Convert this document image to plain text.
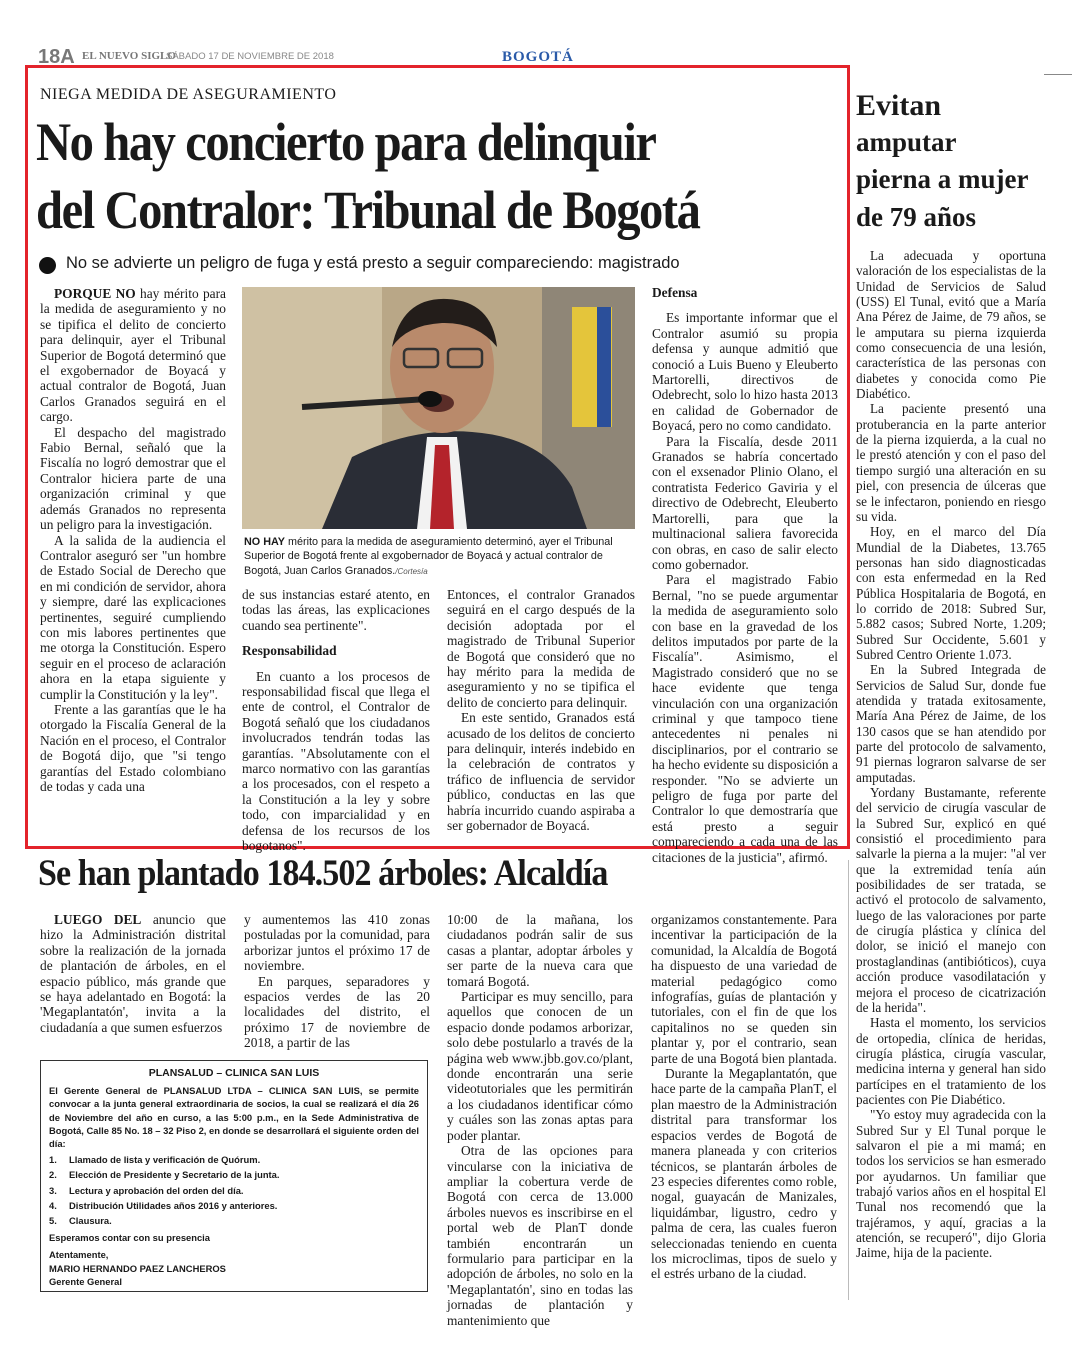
18A EL NUEVO SIGLO
SÁBADO 17 DE NOVIEMBRE DE 2018	BOGOTÁ
NIEGA MEDIDA DE ASEGURAMIENTO
No hay concierto para delinquir
del Contralor: Tribunal de Bogotá
No se advierte un peligro de fuga y está presto a seguir compareciendo: magistrado

PORQUE NO hay mérito para la medida de aseguramiento y no se tipifica el delito de concierto para delinquir, ayer el Tribunal Superior de Bogotá determinó que el exgobernador de Boyacá y actual contralor de Bogotá, Juan Carlos Granados seguirá en el cargo.

El despacho del magistrado Fabio Bernal, señaló que la Fiscalía no logró demostrar que el Contralor hiciera parte de una organización criminal y que además Granados no representa un peligro para la investigación.

A la salida de la audiencia el Contralor aseguró ser "un hombre de Estado Social de Derecho que en mi condición de servidor, ahora y siempre, daré las explicaciones pertinentes, seguiré cumpliendo con mis labores pertinentes que me otorga la Constitución. Espero seguir en el proceso de aclaración ahora en la etapa siguiente y cumplir la Constitución y la ley".

Frente a las garantías que le ha otorgado la Fiscalía General de la Nación en el proceso, el Contralor de Bogotá dijo, que "si tengo garantías del Estado colombiano de todas y cada una

NO HAY mérito para la medida de aseguramiento determinó, ayer el Tribunal Superior de Bogotá frente al exgobernador de Boyacá y actual contralor de Bogotá, Juan Carlos Granados./Cortesía

de sus instancias estaré atento, en todas las áreas, las explicaciones cuando sea pertinente".

Responsabilidad

En cuanto a los procesos de responsabilidad fiscal que llega el ente de control, el Contralor de Bogotá señaló que los ciudadanos involucrados tendrán todas las garantías. "Absolutamente con el marco normativo con las garantías a los procesados, con el respeto a la Constitución a la ley y sobre todo, con imparcialidad y en defensa de los recursos de los bogotanos".

Entonces, el contralor Granados seguirá en el cargo después de la decisión adoptada por el magistrado de Tribunal Superior de Bogotá que consideró que no hay mérito para la medida de aseguramiento y no se tipifica el delito de concierto para delinquir.

En este sentido, Granados está acusado de los delitos de concierto para delinquir, interés indebido en la celebración de contratos y tráfico de influencia de servidor público, conductas en las que habría incurrido cuando aspiraba a ser gobernador de Boyacá.

Defensa

Es importante informar que el Contralor asumió su propia defensa y aunque admitió que conoció a Luis Bueno y Eleuberto Martorelli, directivos de Odebrecht, solo lo hizo hasta 2013 en calidad de Gobernador de Boyacá, pero no como candidato.

Para la Fiscalía, desde 2011 Granados se habría concertado con el exsenador Plinio Olano, el contratista Federico Gaviria y el directivo de Odebrecht, Eleuberto Martorelli, para que la multinacional saliera favorecida con obras, en caso de salir electo como gobernador.

Para el magistrado Fabio Bernal, "no se puede argumentar la medida de aseguramiento solo con base en la gravedad de los delitos imputados por parte de la Fiscalía". Asimismo, el Magistrado consideró que no se hace evidente que tenga vinculación con una organización criminal y que tampoco tiene antecedentes ni penales ni disciplinarios, por el contrario se ha hecho evidente su disposición a responder. "No se advierte un peligro de fuga por parte del Contralor lo que demostraría que está presto a seguir compareciendo a cada una de las citaciones de la justicia", afirmó.

Evitan
amputar
pierna a mujer
de 79 años

La adecuada y oportuna valoración de los especialistas de la Unidad de Servicios de Salud (USS) El Tunal, evitó que a María Ana Pérez de Jaime, de 79 años, se le amputara su pierna izquierda como consecuencia de una lesión, característica de las personas con diabetes y conocida como Pie Diabético.

La paciente presentó una protuberancia en la parte anterior de la pierna izquierda, a la cual no le prestó atención y con el paso del tiempo surgió una alteración en su piel, con presencia de úlceras que se le infectaron, poniendo en riesgo su vida.

Hoy, en el marco del Día Mundial de la Diabetes, 13.765 personas han sido diagnosticadas con esta enfermedad en la Red Pública Hospitalaria de Bogotá, en lo corrido de 2018: Subred Sur, 5.882 casos; Subred Norte, 1.209; Subred Sur Occidente, 5.601 y Subred Centro Oriente 1.073.

En la Subred Integrada de Servicios de Salud Sur, donde fue atendida y tratada exitosamente, María Ana Pérez de Jaime, de los 130 casos que se han atendido por parte del protocolo de salvamento, 91 piernas lograron salvarse de ser amputadas.

Yordany Bustamante, referente del servicio de cirugía vascular de la Subred Sur, explicó en qué consistió el procedimiento para salvarle la pierna a la mujer: "al ver que la extremidad tenía aún posibilidades de ser tratada, se activó el protocolo de salvamento, luego de las valoraciones por parte de cirugía plástica y clínica del dolor, se inició el manejo con prostaglandinas (antibióticos), cuya acción produce vasodilatación y mejora el proceso de cicatrización de la herida".

Hasta el momento, los servicios de ortopedia, clínica de heridas, cirugía plástica, cirugía vascular, medicina interna y general han sido partícipes en el tratamiento de los pacientes con Pie Diabético.

"Yo estoy muy agradecida con la Subred Sur y El Tunal porque le salvaron el pie a mi mamá; en todos los servicios se han esmerado por ayudarnos. Un familiar que trabajó varios años en el hospital El Tunal nos recomendó que la trajéramos, y aquí, gracias a la atención, se recuperó", dijo Gloria Jaime, hija de la paciente.

Se han plantado 184.502 árboles: Alcaldía

LUEGO DEL anuncio que hizo la Administración distrital sobre la realización de la jornada de plantación de árboles, en el espacio público, más grande que se haya adelantado en Bogotá: la 'Megaplantatón', invita a la ciudadanía a que sumen esfuerzos

y aumentemos las 410 zonas postuladas por la comunidad, para arborizar juntos el próximo 17 de noviembre.

En parques, separadores y espacios verdes de las 20 localidades del distrito, el próximo 17 de noviembre de 2018, a partir de las

10:00 de la mañana, los ciudadanos podrán salir de sus casas a plantar, adoptar árboles y ser parte de la nueva cara que tomará Bogotá.

Participar es muy sencillo, para aquellos que conocen de un espacio donde podamos arborizar, solo debe postularlo a través de la página web www.jbb.gov.co/plant, donde encontrarán una serie videotutoriales que les permitirán a los ciudadanos identificar cómo y cuáles son las zonas aptas para poder plantar.

Otra de las opciones para vincularse con la iniciativa de ampliar la cobertura verde de Bogotá con cerca de 13.000 árboles nuevos es inscribirse en el portal web de PlanT donde también encontrarán un formulario para participar en la adopción de árboles, no solo en la 'Megaplantatón', sino en todas las jornadas de plantación y mantenimiento que

organizamos constantemente. Para incentivar la participación de la comunidad, la Alcaldía de Bogotá ha dispuesto de una variedad de material pedagógico como infografías, guías de plantación y tutoriales, con el fin de que los capitalinos no se queden sin plantar y, por el contrario, sean parte de una Bogotá bien plantada.

Durante la Megaplantatón, que hace parte de la campaña PlanT, el plan maestro de la Administración distrital para transformar los espacios verdes de Bogotá de manera planeada y con criterios técnicos, se plantarán árboles de 23 especies diferentes como roble, nogal, guayacán de Manizales, liquidámbar, ligustro, cedro y palma de cera, las cuales fueron seleccionadas teniendo en cuenta los microclimas, tipos de suelo y el estrés urbano de la ciudad.

PLANSALUD – CLINICA SAN LUIS

El Gerente General de PLANSALUD LTDA – CLINICA SAN LUIS, se permite convocar a la junta general extraordinaria de socios, la cual se realizará el día 26 de Noviembre del año en curso, a las 5:00 p.m., en la Sede Administrativa de Bogotá, Calle 85 No. 18 – 32 Piso 2, en donde se desarrollará el siguiente orden del día:

1.	Llamado de lista y verificación de Quórum.
2.	Elección de Presidente y Secretario de la junta.
3.	Lectura y aprobación del orden del día.
4.	Distribución Utilidades años 2016 y anteriores.
5.	Clausura.

Esperamos contar con su presencia

Atentamente,

MARIO HERNANDO PAEZ LANCHEROS

Gerente General
